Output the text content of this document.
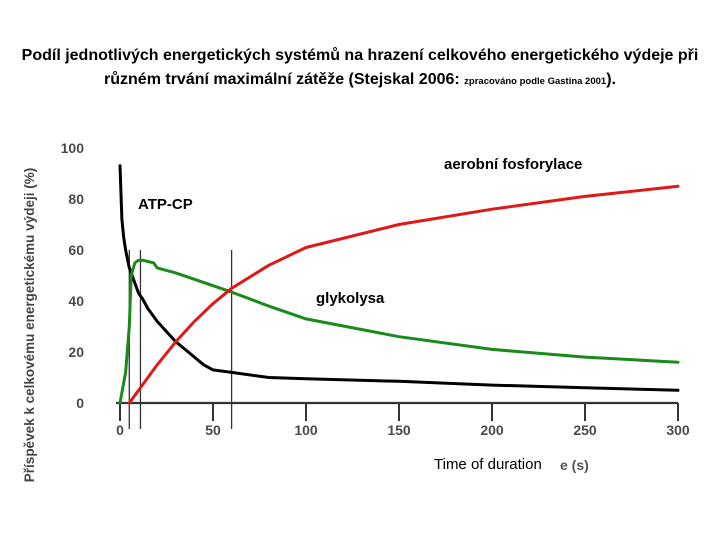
Podíl jednotlivých energetických systémů na hrazení celkového energetického výdeje při různém trvání maximální zátěže (Stejskal 2006: zpracováno podle Gastina 2001).
0	50	100	150	200	250	300
0
20
40
60
80
100
Příspěvek k celkovému energetickému výdeji (%)	ATP-CP
glykolysa
aerobní fosforylace
e (s)
Time of duration
